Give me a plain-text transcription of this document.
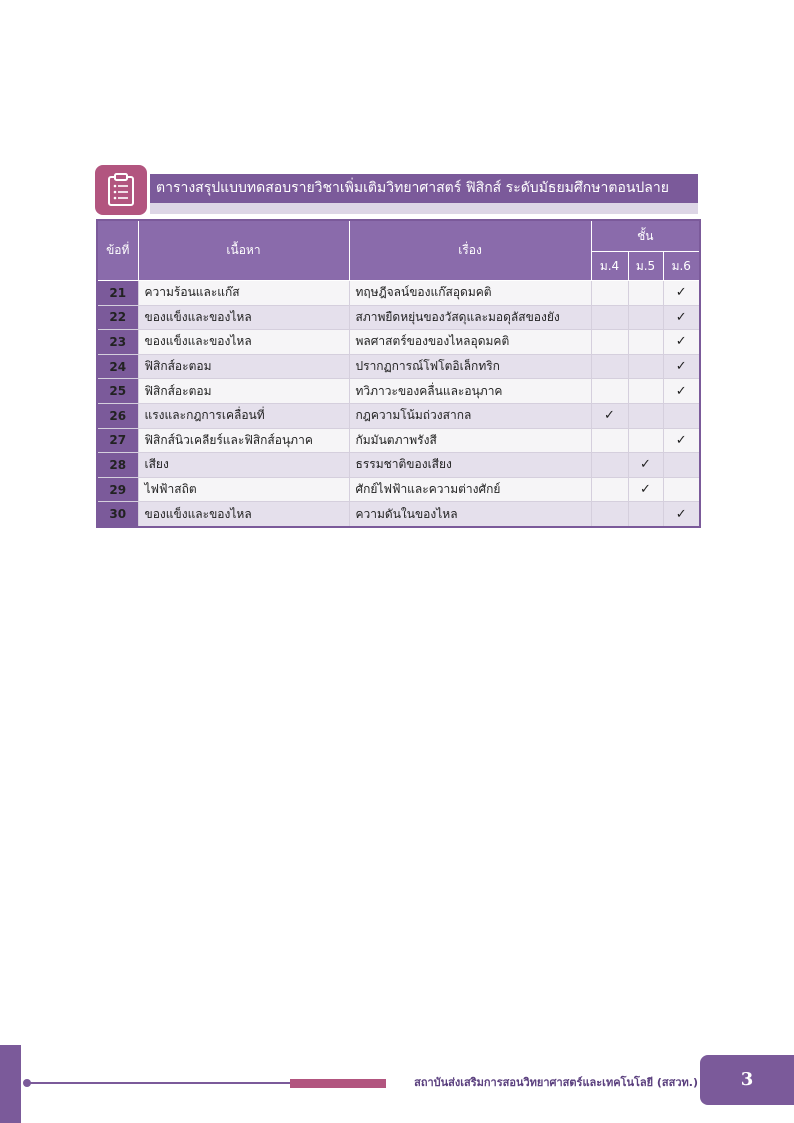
ตารางสรุปแบบทดสอบรายวิชาเพิ่มเติมวิทยาศาสตร์ ฟิสิกส์ ระดับมัธยมศึกษาตอนปลาย
ข้อที่	เนื้อหา	เรื่อง	ชั้น		
			ม.4	ม.5	ม.6
21	ความร้อนและแก๊ส	ทฤษฎีจลน์ของแก๊สอุดมคติ			✓
22	ของแข็งและของไหล	สภาพยืดหยุ่นของวัสดุและมอดุลัสของยัง			✓
23	ของแข็งและของไหล	พลศาสตร์ของของไหลอุดมคติ			✓
24	ฟิสิกส์อะตอม	ปรากฏการณ์โฟโตอิเล็กทริก			✓
25	ฟิสิกส์อะตอม	ทวิภาวะของคลื่นและอนุภาค			✓
26	แรงและกฎการเคลื่อนที่	กฎความโน้มถ่วงสากล	✓		
27	ฟิสิกส์นิวเคลียร์และฟิสิกส์อนุภาค	กัมมันตภาพรังสี			✓
28	เสียง	ธรรมชาติของเสียง		✓	
29	ไฟฟ้าสถิต	ศักย์ไฟฟ้าและความต่างศักย์		✓	
30	ของแข็งและของไหล	ความดันในของไหล			✓
สถาบันส่งเสริมการสอนวิทยาศาสตร์และเทคโนโลยี (สสวท.)	3
